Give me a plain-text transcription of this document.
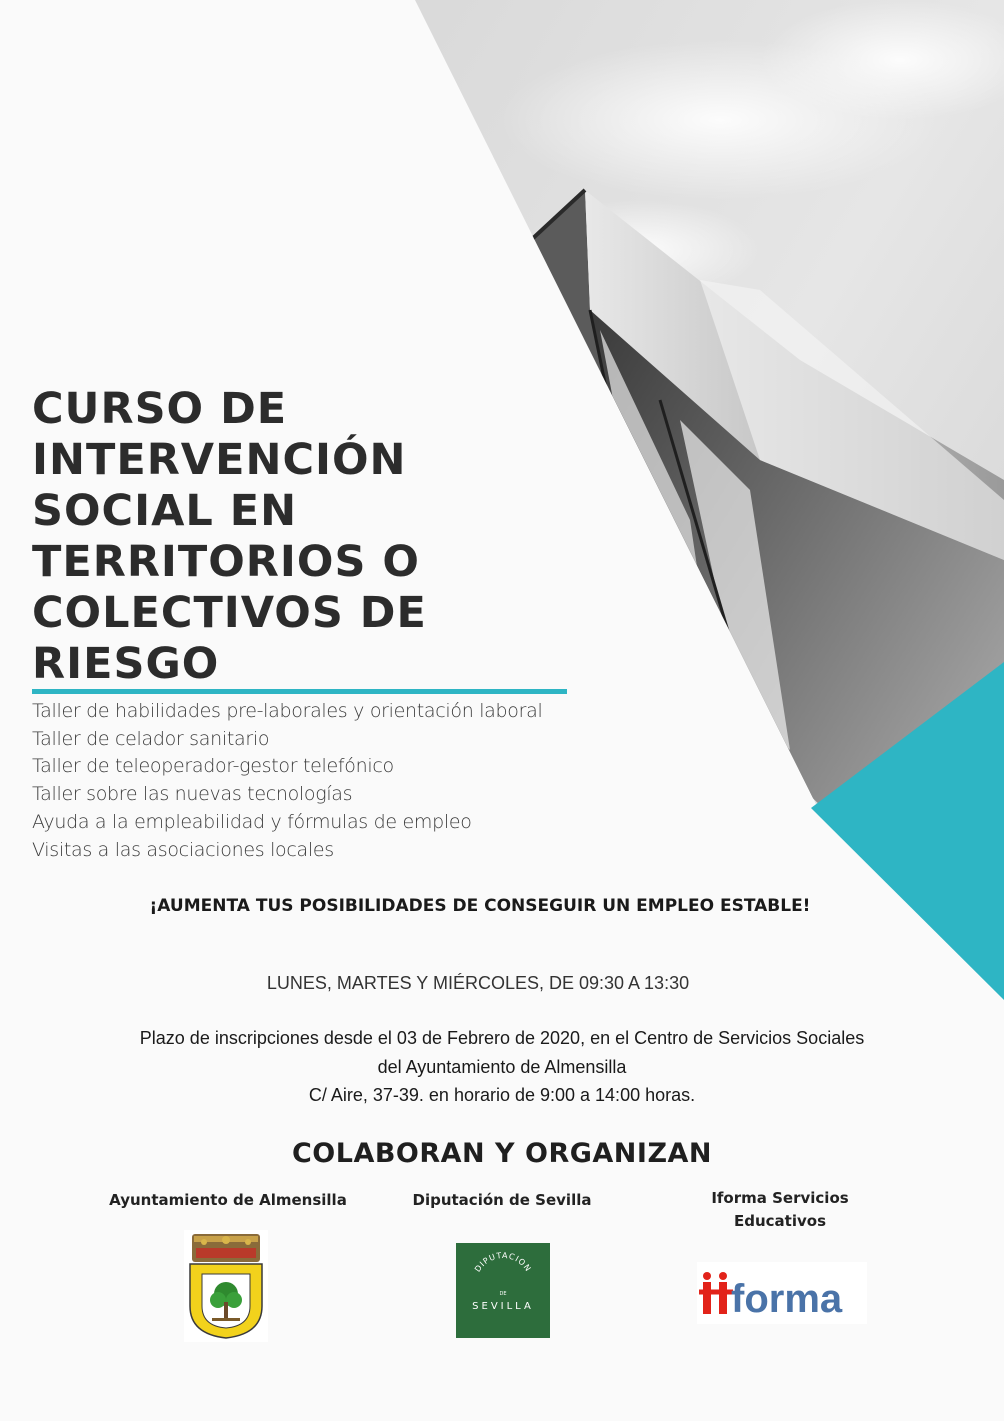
CURSO DE
INTERVENCIÓN
SOCIAL EN
TERRITORIOS O
COLECTIVOS DE
RIESGO
Taller de habilidades pre-laborales y orientación laboral
Taller de celador sanitario
Taller de teleoperador-gestor telefónico
Taller sobre las nuevas tecnologías
Ayuda a la empleabilidad y fórmulas de empleo
Visitas a las asociaciones locales
¡AUMENTA TUS POSIBILIDADES DE CONSEGUIR UN EMPLEO ESTABLE!
LUNES, MARTES Y MIÉRCOLES, DE 09:30 A 13:30
Plazo de inscripciones desde el 03 de Febrero de 2020, en el Centro de Servicios Sociales
del Ayuntamiento de Almensilla
C/ Aire, 37-39. en horario de 9:00 a 14:00 horas.
COLABORAN Y ORGANIZAN
Ayuntamiento de Almensilla	Diputación de Sevilla	Iforma Servicios
Educativos
DIPUTACION
DE
SEVILLA	forma
